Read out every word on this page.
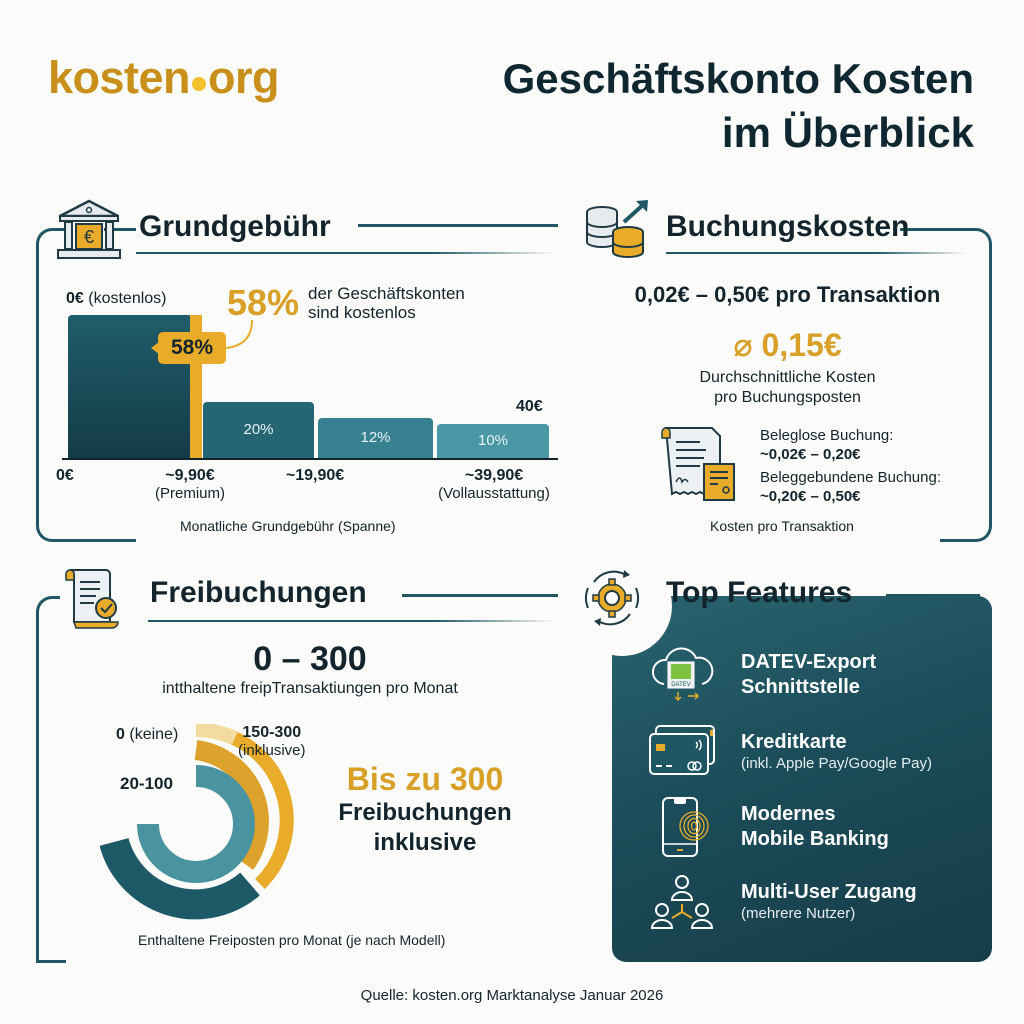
kosten org	Geschäftskonto Kosten
im Überblick
€ Grundgebühr
0€ (kostenlos) 58% der Geschäftskonten
sind kostenlos
58%
20%	12%	10%
40€
0€	~9,90€
(Premium)
~19,90€	~39,90€
(Vollausstattung)
Monatliche Grundgebühr (Spanne)
Buchungskosten
0,02€ – 0,50€ pro Transaktion
⌀ 0,15€
Durchschnittliche Kosten
pro Buchungsposten
Beleglose Buchung:
~0,02€ – 0,20€
Beleggebundene Buchung:
~0,20€ – 0,50€
Kosten pro Transaktion
Freibuchungen
0 – 300
intthaltene freipTransaktiungen pro Monat
0 (keine)	150-300
(inklusive)
20-100	Bis zu 300
Freibuchungen
inklusive
Enthaltene Freiposten pro Monat (je nach Modell)
Top Features
DATEV
DATEV-Export
Schnittstelle
Kreditkarte
(inkl. Apple Pay/Google Pay)
Modernes
Mobile Banking
Multi-User Zugang
(mehrere Nutzer)
Quelle: kosten.org Marktanalyse Januar 2026
